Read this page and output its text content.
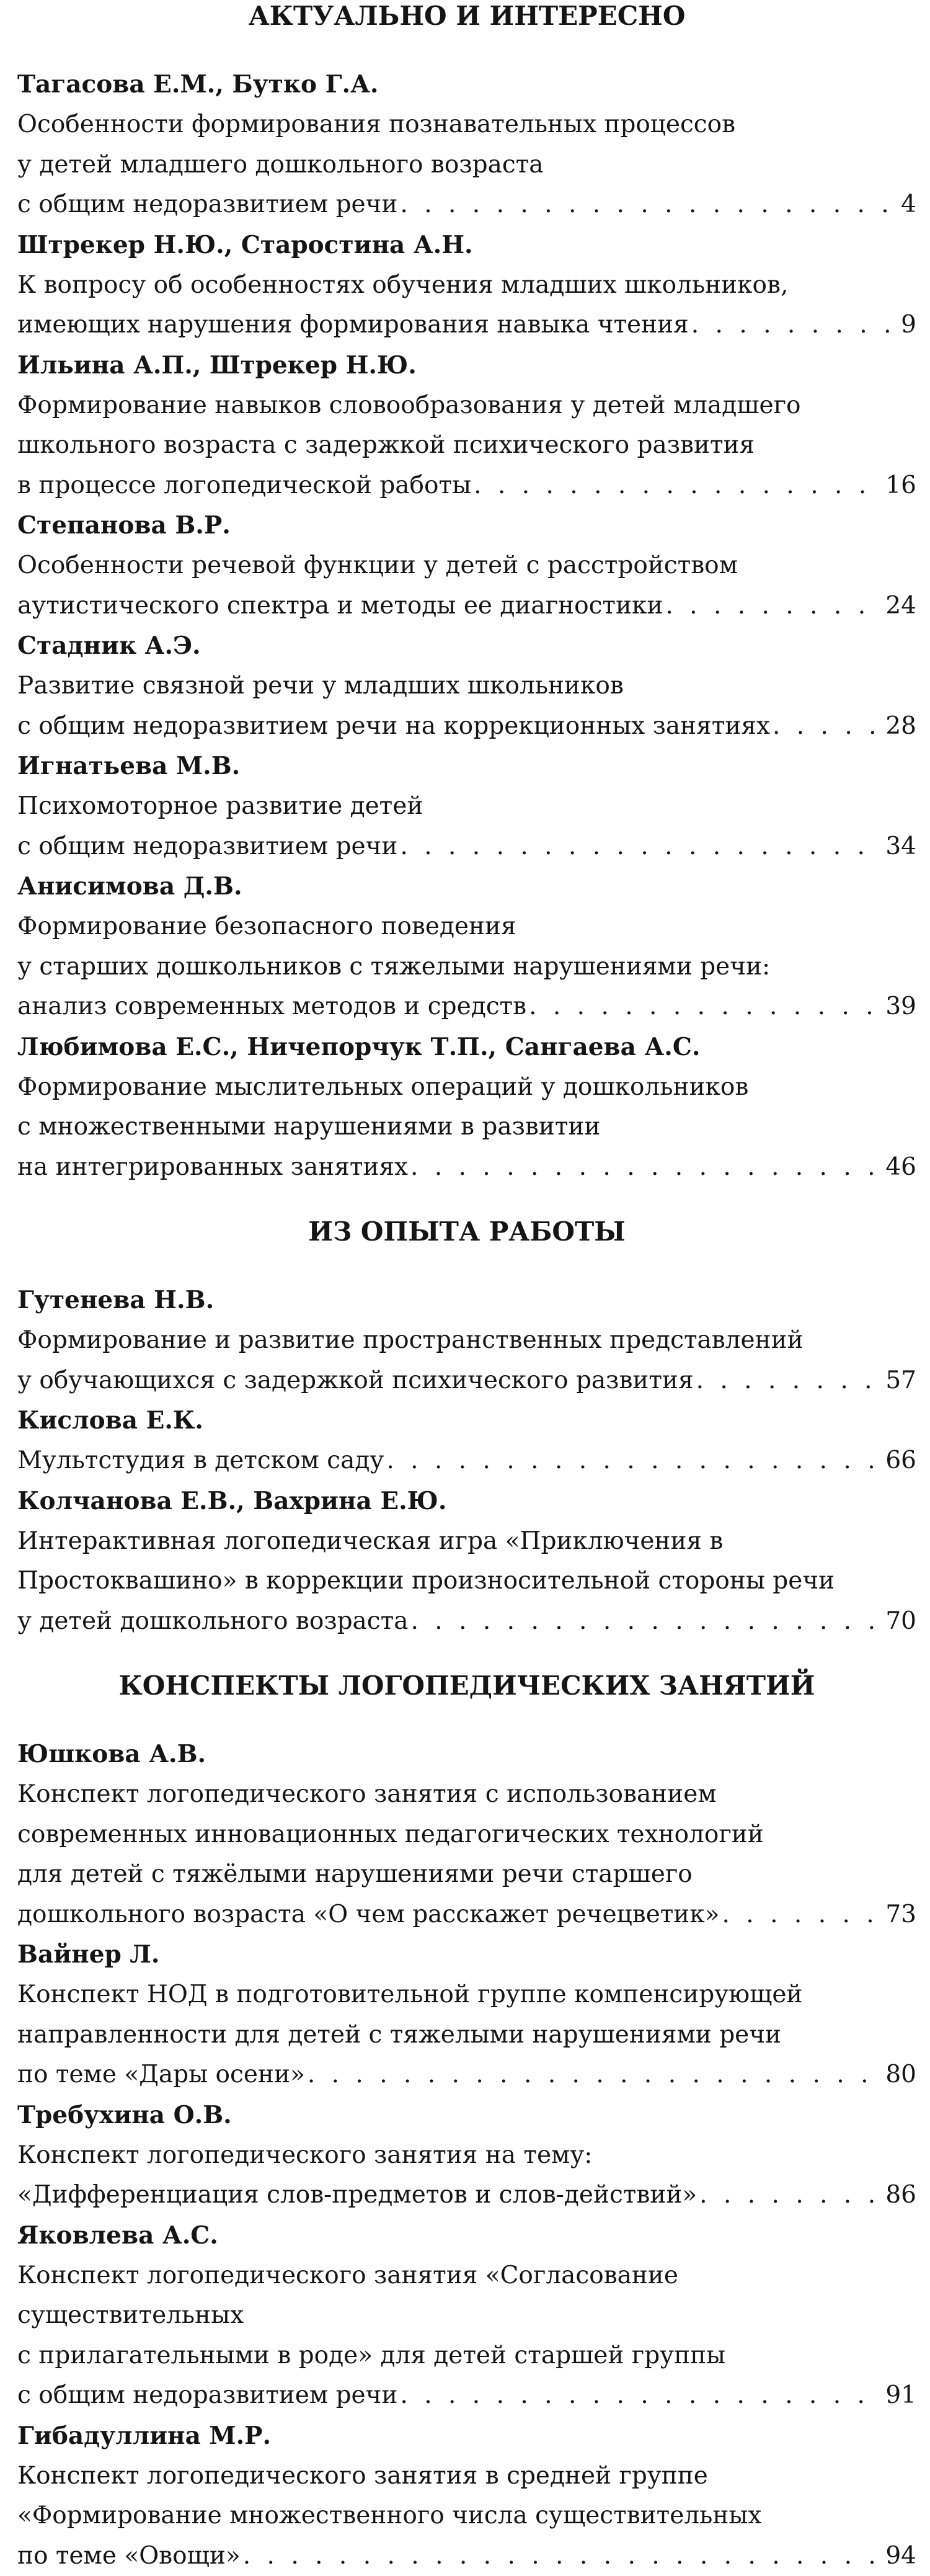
АКТУАЛЬНО И ИНТЕРЕСНО
Тагасова Е.М., Бутко Г.А.
Особенности формирования познавательных процессов
у детей младшего дошкольного возраста
с общим недоразвитием речи . . .	4
Штрекер Н.Ю., Старостина А.Н.
К вопросу об особенностях обучения младших школьников,
имеющих нарушения формирования навыка чтения . . .	9
Ильина А.П., Штрекер Н.Ю.
Формирование навыков словообразования у детей младшего
школьного возраста с задержкой психического развития
в процессе логопедической работы . . .	16
Степанова В.Р.
Особенности речевой функции у детей с расстройством
аутистического спектра и методы ее диагностики . . .	24
Стадник А.Э.
Развитие связной речи у младших школьников
с общим недоразвитием речи на коррекционных занятиях . . .	28
Игнатьева М.В.
Психомоторное развитие детей
с общим недоразвитием речи . . .	34
Анисимова Д.В.
Формирование безопасного поведения
у старших дошкольников с тяжелыми нарушениями речи:
анализ современных методов и средств . . .	39
Любимова Е.С., Ничепорчук Т.П., Сангаева А.С.
Формирование мыслительных операций у дошкольников
с множественными нарушениями в развитии
на интегрированных занятиях . . .	46
ИЗ ОПЫТА РАБОТЫ
Гутенева Н.В.
Формирование и развитие пространственных представлений
у обучающихся с задержкой психического развития . . .	57
Кислова Е.К.
Мультстудия в детском саду . . .	66
Колчанова Е.В., Вахрина Е.Ю.
Интерактивная логопедическая игра «Приключения в
Простоквашино» в коррекции произносительной стороны речи
у детей дошкольного возраста . . .	70
КОНСПЕКТЫ ЛОГОПЕДИЧЕСКИХ ЗАНЯТИЙ
Юшкова А.В.
Конспект логопедического занятия с использованием
современных инновационных педагогических технологий
для детей с тяжёлыми нарушениями речи старшего
дошкольного возраста «О чем расскажет речецветик» . . .	73
Вайнер Л.
Конспект НОД в подготовительной группе компенсирующей
направленности для детей с тяжелыми нарушениями речи
по теме «Дары осени» . . .	80
Требухина О.В.
Конспект логопедического занятия на тему:
«Дифференциация слов-предметов и слов-действий» . . .	86
Яковлева А.С.
Конспект логопедического занятия «Согласование
существительных
с прилагательными в роде» для детей старшей группы
с общим недоразвитием речи . . .	91
Гибадуллина М.Р.
Конспект логопедического занятия в средней группе
«Формирование множественного числа существительных
по теме «Овощи» . . .	94
